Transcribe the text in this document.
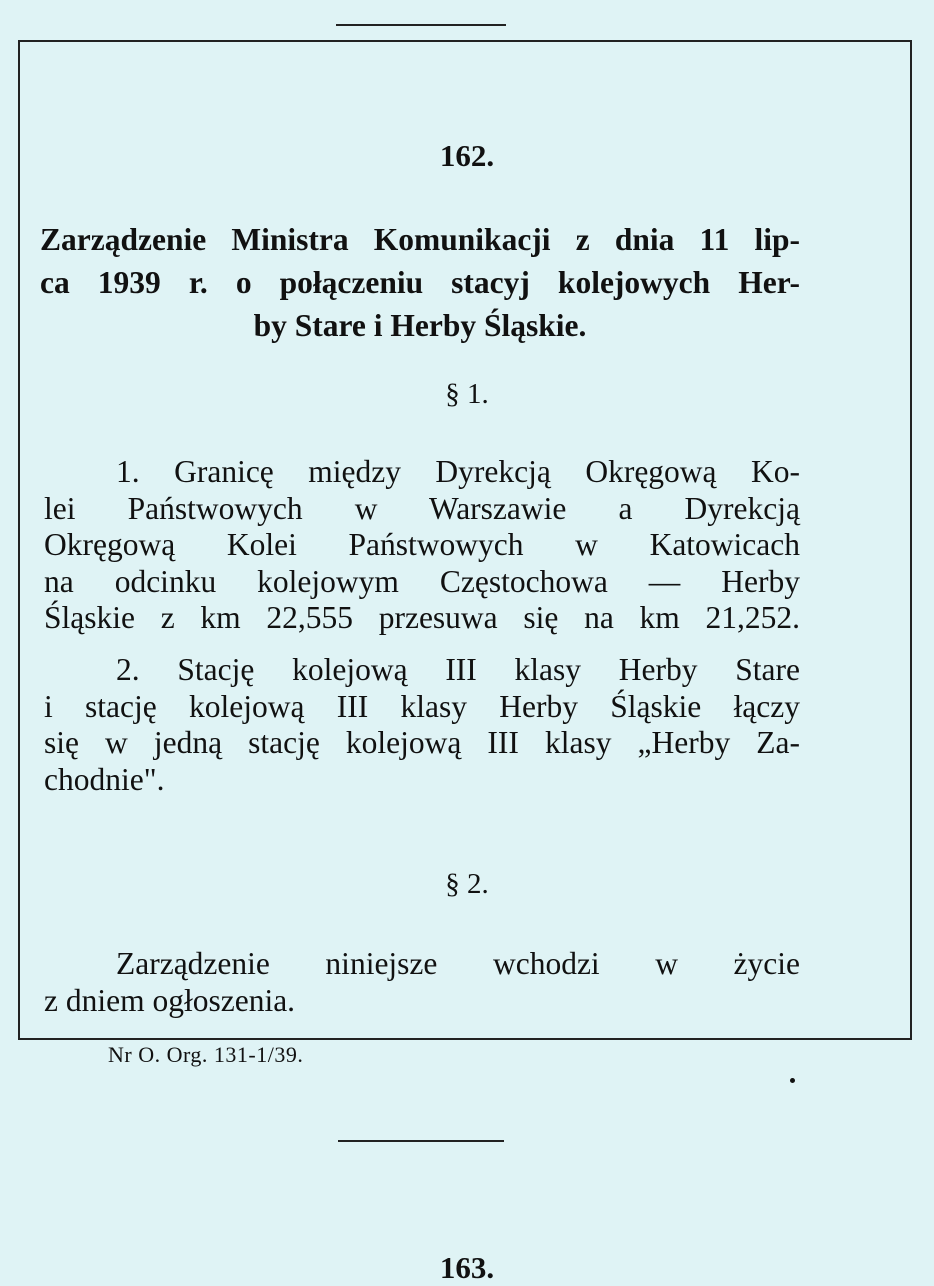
162.
Zarządzenie Ministra Komunikacji z dnia 11 lip-
ca 1939 r. o połączeniu stacyj kolejowych Her-
by Stare i Herby Śląskie.
§ 1.
1. Granicę między Dyrekcją Okręgową Ko-
lei Państwowych w Warszawie a Dyrekcją
Okręgową Kolei Państwowych w Katowicach
na odcinku kolejowym Częstochowa — Herby
Śląskie z km 22,555 przesuwa się na km 21,252.
2. Stację kolejową III klasy Herby Stare
i stację kolejową III klasy Herby Śląskie łączy
się w jedną stację kolejową III klasy „Herby Za-
chodnie".
§ 2.
Zarządzenie niniejsze wchodzi w życie
z dniem ogłoszenia.
Nr O. Org. 131-1/39.
163.
